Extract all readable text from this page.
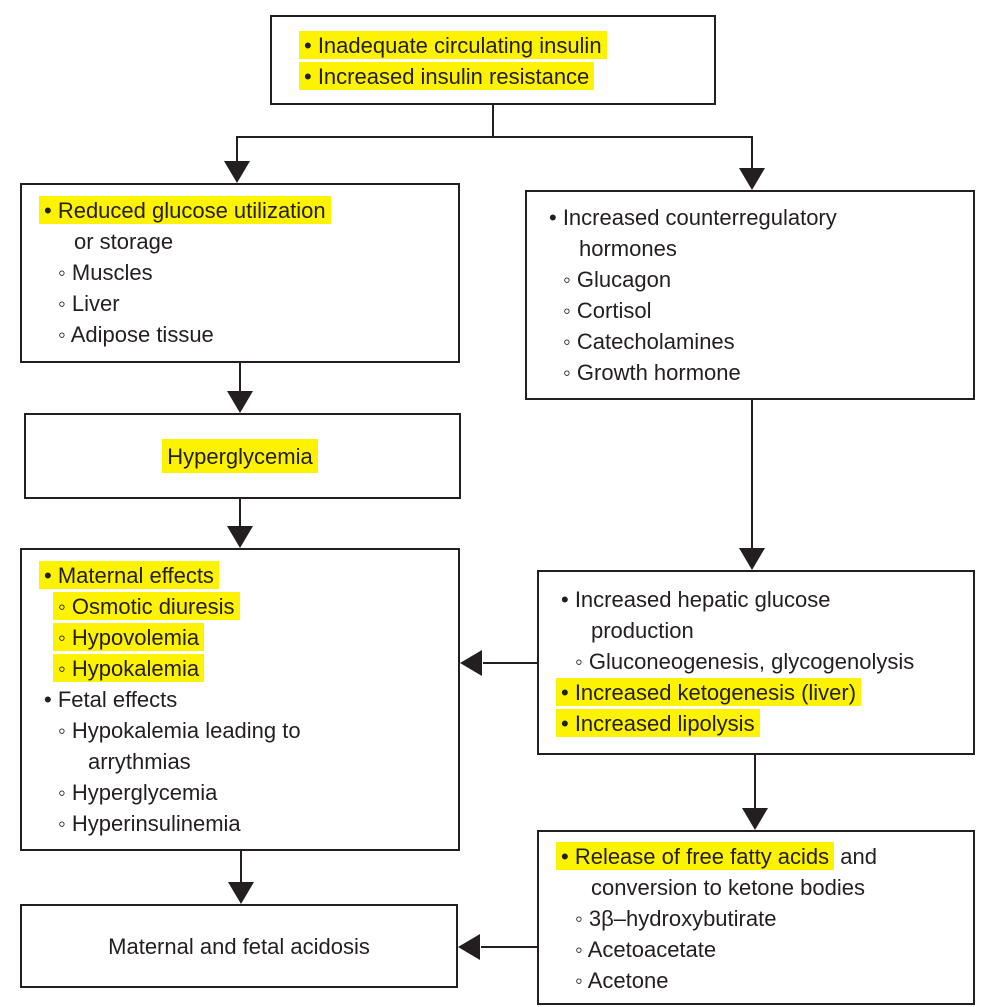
• Inadequate circulating insulin
• Increased insulin resistance
• Reduced glucose utilization
or storage
◦ Muscles
◦ Liver
◦ Adipose tissue
• Increased counterregulatory
hormones
◦ Glucagon
◦ Cortisol
◦ Catecholamines
◦ Growth hormone
Hyperglycemia
• Maternal effects
◦ Osmotic diuresis
◦ Hypovolemia
◦ Hypokalemia
• Fetal effects
◦ Hypokalemia leading to
arrythmias
◦ Hyperglycemia
◦ Hyperinsulinemia
• Increased hepatic glucose
production
◦ Gluconeogenesis, glycogenolysis
• Increased ketogenesis (liver)
• Increased lipolysis
• Release of free fatty acids and
conversion to ketone bodies
◦ 3β–hydroxybutirate
◦ Acetoacetate
◦ Acetone
Maternal and fetal acidosis
